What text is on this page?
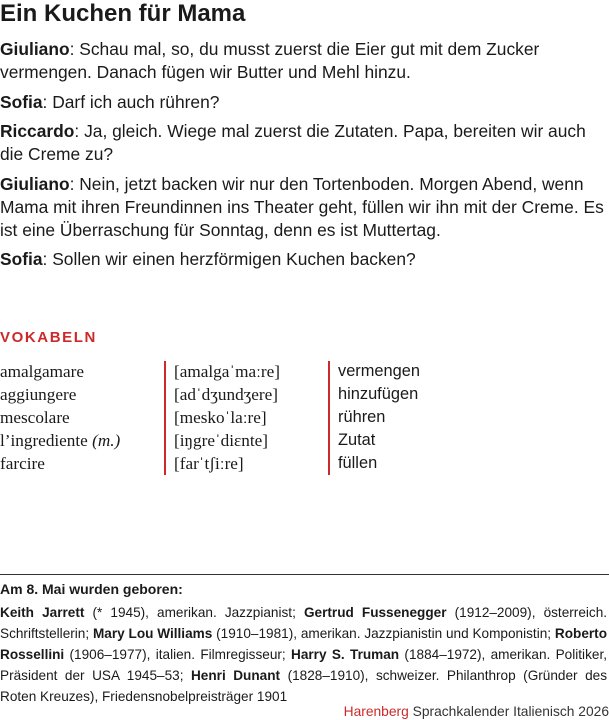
Ein Kuchen für Mama

Giuliano: Schau mal, so, du musst zuerst die Eier gut mit dem Zucker vermengen. Danach fügen wir Butter und Mehl hinzu.

Sofia: Darf ich auch rühren?

Riccardo: Ja, gleich. Wiege mal zuerst die Zutaten. Papa, bereiten wir auch die Creme zu?

Giuliano: Nein, jetzt backen wir nur den Tortenboden. Morgen Abend, wenn Mama mit ihren Freundinnen ins Theater geht, füllen wir ihn mit der Creme. Es ist eine Überraschung für Sonntag, denn es ist Muttertag.

Sofia: Sollen wir einen herzförmigen Kuchen backen?

VOKABELN
amalgamare	[amalgaˈmaːre]	vermengen
aggiungere	[adˈdʒundʒere]	hinzufügen
mescolare	[meskoˈlaːre]	rühren
l’ingrediente (m.)	[iŋgreˈdiɛnte]	Zutat
farcire	[farˈtʃiːre]	füllen
Am 8. Mai wurden geboren:

Keith Jarrett (* 1945), amerikan. Jazzpianist; Gertrud Fussenegger (1912–2009), österreich. Schriftstellerin; Mary Lou Williams (1910–1981), amerikan. Jazzpianistin und Komponistin; Roberto Rossellini (1906–1977), italien. Filmregisseur; Harry S. Truman (1884–1972), amerikan. Politiker, Präsident der USA 1945–53; Henri Dunant (1828–1910), schweizer. Philanthrop (Gründer des Roten Kreuzes), Friedensnobelpreisträger 1901

Harenberg Sprachkalender Italienisch 2026
